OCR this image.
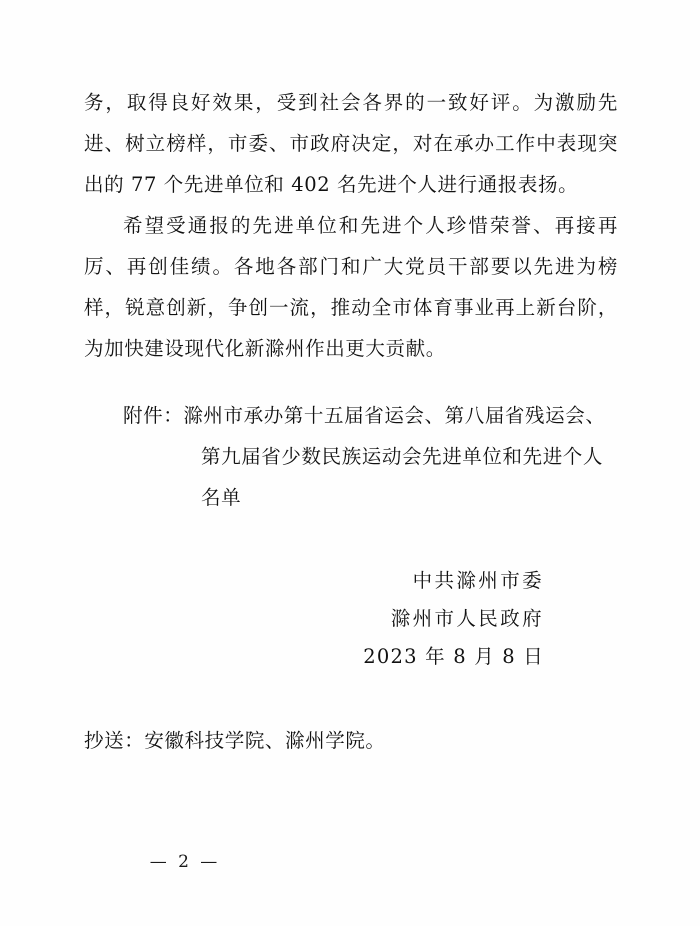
务，取得良好效果，受到社会各界的一致好评。为激励先进、树立榜样，市委、市政府决定，对在承办工作中表现突出的 77 个先进单位和 402 名先进个人进行通报表扬。

希望受通报的先进单位和先进个人珍惜荣誉、再接再厉、再创佳绩。各地各部门和广大党员干部要以先进为榜样，锐意创新，争创一流，推动全市体育事业再上新台阶，为加快建设现代化新滁州作出更大贡献。

附件：滁州市承办第十五届省运会、第八届省残运会、
第九届省少数民族运动会先进单位和先进个人
名单
中共滁州市委
滁州市人民政府
2023 年 8 月 8 日
抄送：安徽科技学院、滁州学院。
— 2 —
